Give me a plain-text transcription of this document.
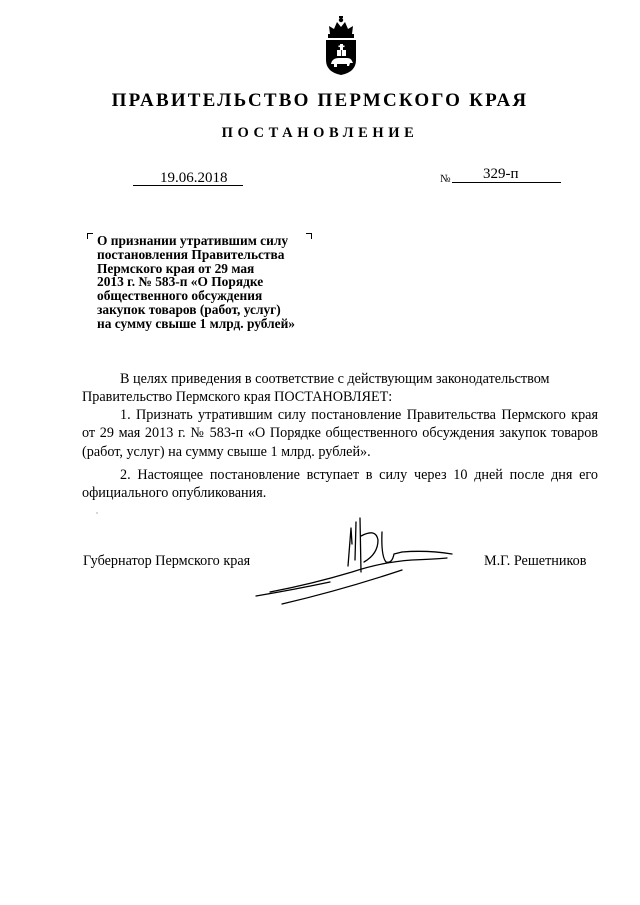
ПРАВИТЕЛЬСТВО ПЕРМСКОГО КРАЯ
ПОСТАНОВЛЕНИЕ
19.06.2018	№ 329-п
О признании утратившим силу
постановления Правительства
Пермского края от 29 мая
2013 г. № 583-п «О Порядке
общественного обсуждения
закупок товаров (работ, услуг)
на сумму свыше 1 млрд. рублей»
В целях приведения в соответствие с действующим законодательством Правительство Пермского края ПОСТАНОВЛЯЕТ:
1. Признать утратившим силу постановление Правительства Пермского края от 29 мая 2013 г. № 583-п «О Порядке общественного обсуждения закупок товаров (работ, услуг) на сумму свыше 1 млрд. рублей».
2. Настоящее постановление вступает в силу через 10 дней после дня его официального опубликования.
Губернатор Пермского края	М.Г. Решетников
